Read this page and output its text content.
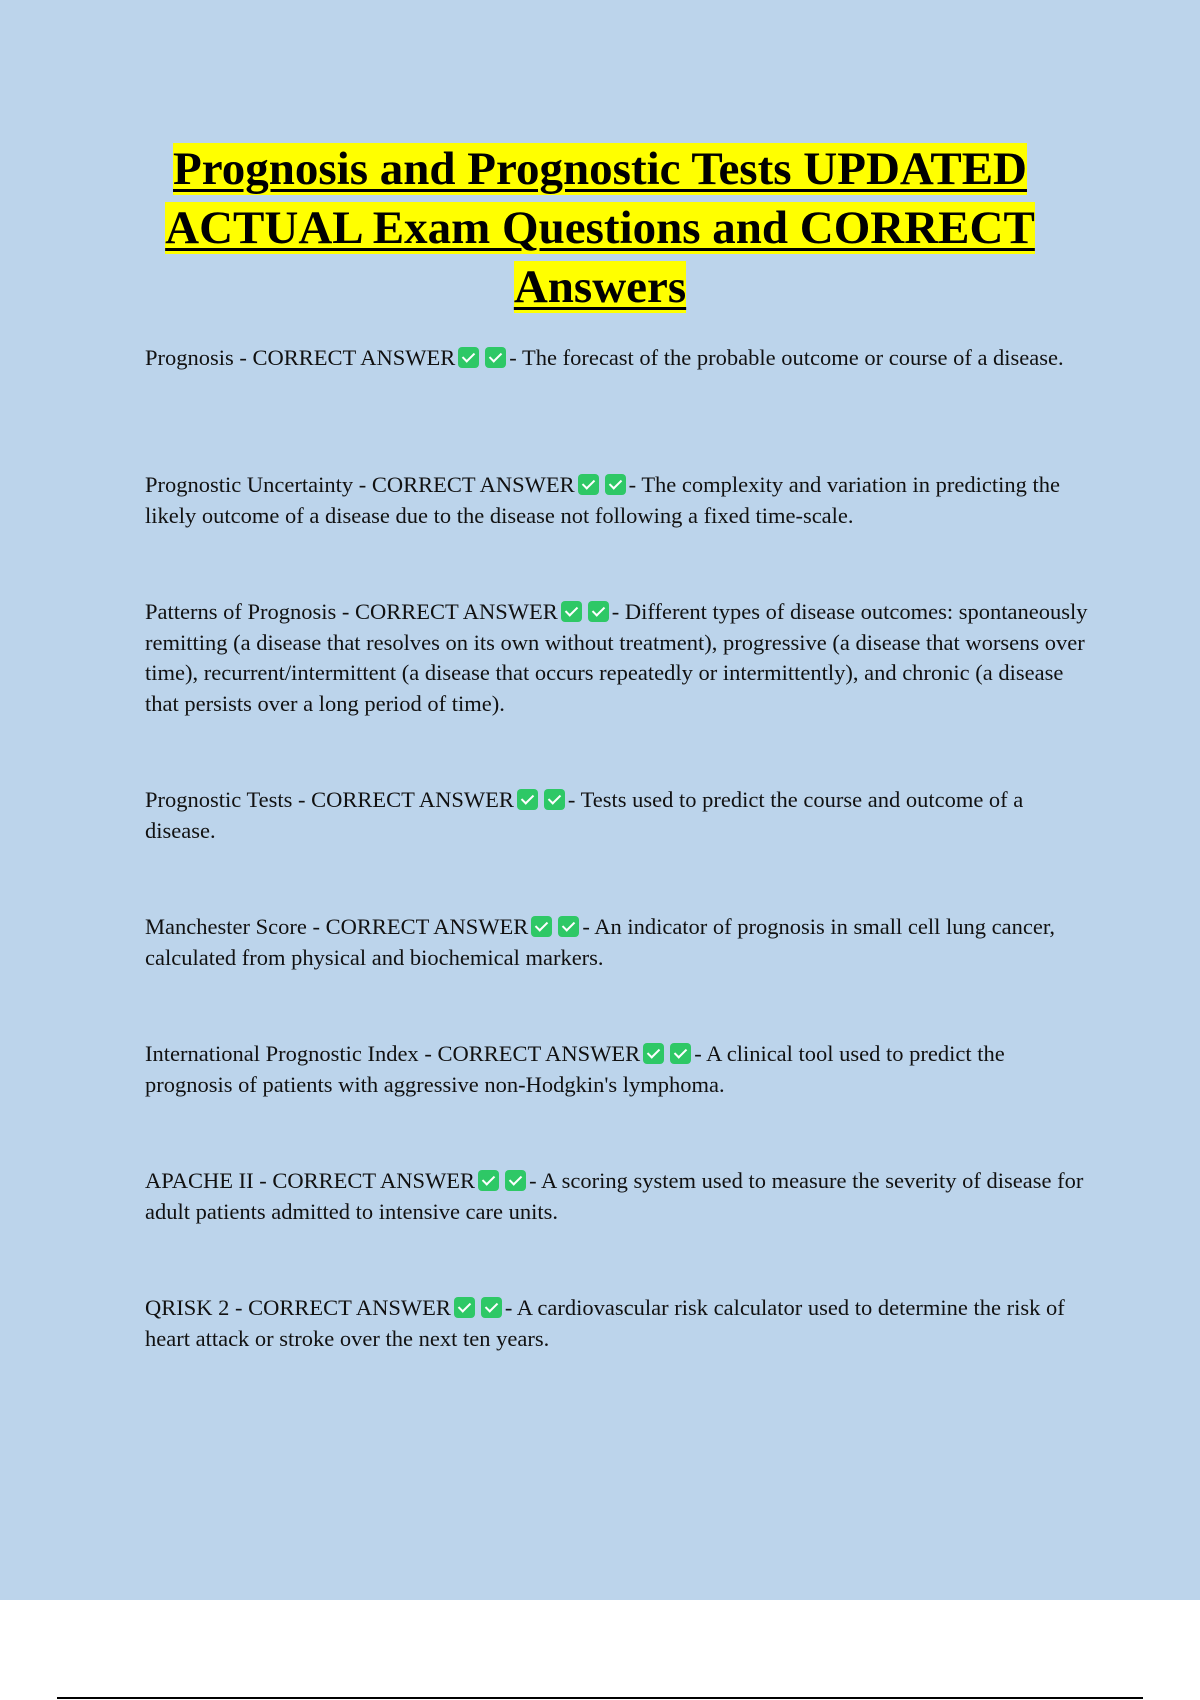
Prognosis and Prognostic Tests UPDATED ACTUAL Exam Questions and CORRECT Answers

Prognosis - CORRECT ANSWER - The forecast of the probable outcome or course of a disease.

Prognostic Uncertainty - CORRECT ANSWER - The complexity and variation in predicting the likely outcome of a disease due to the disease not following a fixed time-scale.

Patterns of Prognosis - CORRECT ANSWER - Different types of disease outcomes: spontaneously remitting (a disease that resolves on its own without treatment), progressive (a disease that worsens over time), recurrent/intermittent (a disease that occurs repeatedly or intermittently), and chronic (a disease that persists over a long period of time).

Prognostic Tests - CORRECT ANSWER - Tests used to predict the course and outcome of a disease.

Manchester Score - CORRECT ANSWER - An indicator of prognosis in small cell lung cancer, calculated from physical and biochemical markers.

International Prognostic Index - CORRECT ANSWER - A clinical tool used to predict the prognosis of patients with aggressive non-Hodgkin's lymphoma.

APACHE II - CORRECT ANSWER - A scoring system used to measure the severity of disease for adult patients admitted to intensive care units.

QRISK 2 - CORRECT ANSWER - A cardiovascular risk calculator used to determine the risk of heart attack or stroke over the next ten years.
